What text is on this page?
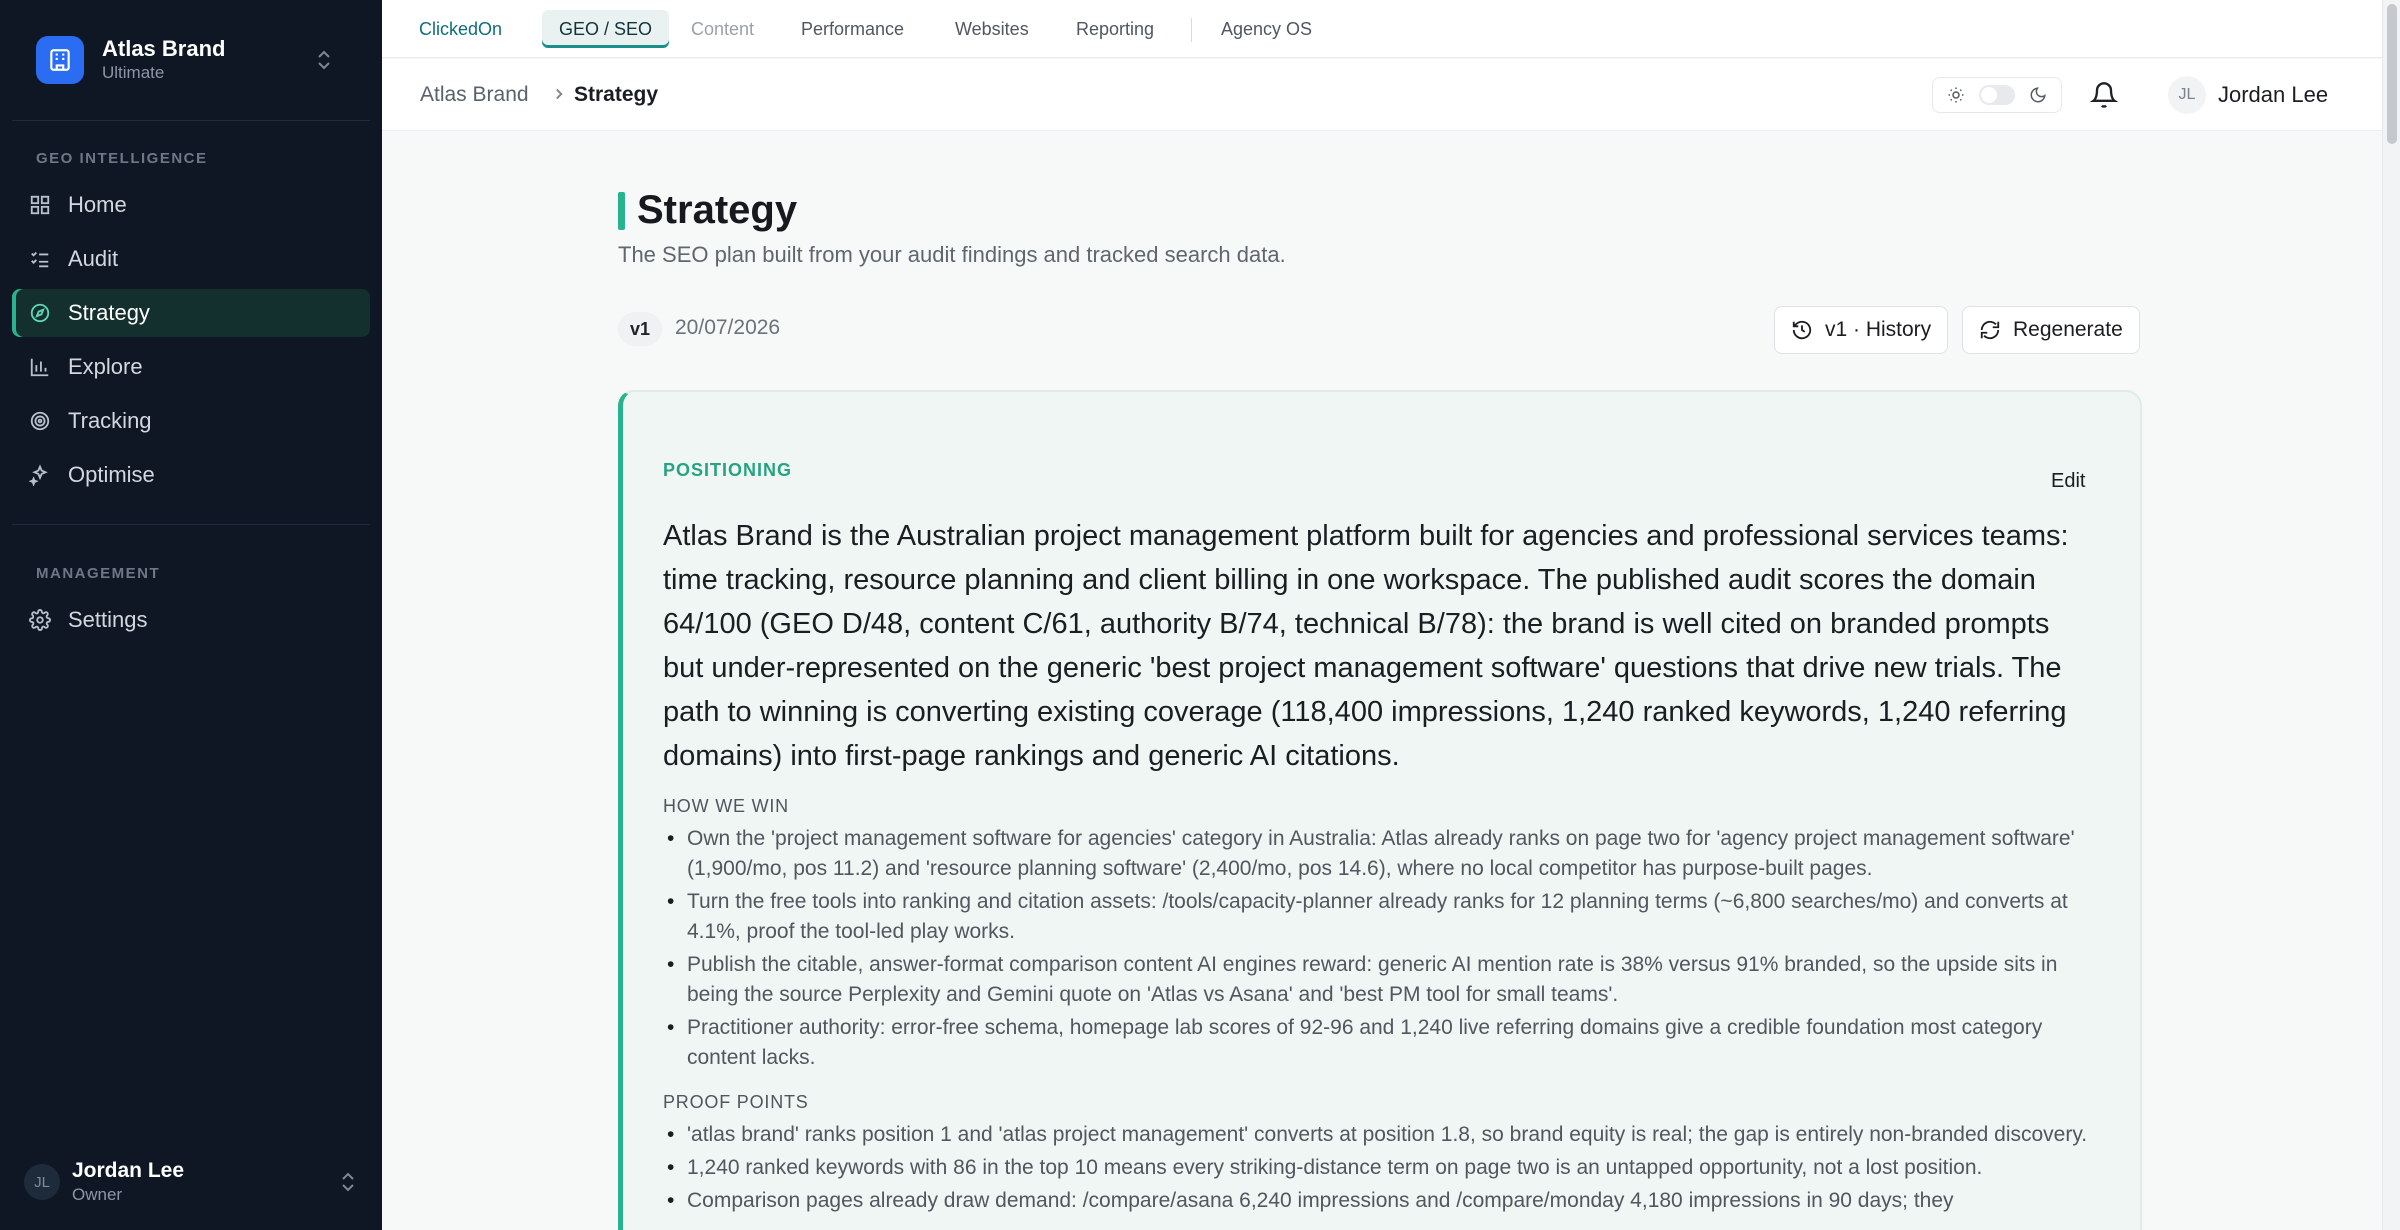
Atlas Brand
Ultimate
GEO INTELLIGENCE
Home
Audit
Strategy
Explore
Tracking
Optimise
MANAGEMENT
Settings
JL	Jordan Lee
Owner
ClickedOn	GEO / SEO	Content	Performance	Websites	Reporting	Agency OS
Atlas Brand Strategy	JL	Jordan Lee
Strategy

The SEO plan built from your audit findings and tracked search data.

v1	20/07/2026	v1 · History	Regenerate
POSITIONING	Edit

Atlas Brand is the Australian project management platform built for agencies and professional services teams: time tracking, resource planning and client billing in one workspace. The published audit scores the domain 64/100 (GEO D/48, content C/61, authority B/74, technical B/78): the brand is well cited on branded prompts but under-represented on the generic 'best project management software' questions that drive new trials. The path to winning is converting existing coverage (118,400 impressions, 1,240 ranked keywords, 1,240 referring domains) into first-page rankings and generic AI citations.

HOW WE WIN
• Own the 'project management software for agencies' category in Australia: Atlas already ranks on page two for 'agency project management software' (1,900/mo, pos 11.2) and 'resource planning software' (2,400/mo, pos 14.6), where no local competitor has purpose-built pages.
• Turn the free tools into ranking and citation assets: /tools/capacity-planner already ranks for 12 planning terms (~6,800 searches/mo) and converts at 4.1%, proof the tool-led play works.
• Publish the citable, answer-format comparison content AI engines reward: generic AI mention rate is 38% versus 91% branded, so the upside sits in being the source Perplexity and Gemini quote on 'Atlas vs Asana' and 'best PM tool for small teams'.
• Practitioner authority: error-free schema, homepage lab scores of 92-96 and 1,240 live referring domains give a credible foundation most category content lacks.
PROOF POINTS
• 'atlas brand' ranks position 1 and 'atlas project management' converts at position 1.8, so brand equity is real; the gap is entirely non-branded discovery.
• 1,240 ranked keywords with 86 in the top 10 means every striking-distance term on page two is an untapped opportunity, not a lost position.
• Comparison pages already draw demand: /compare/asana 6,240 impressions and /compare/monday 4,180 impressions in 90 days; they
